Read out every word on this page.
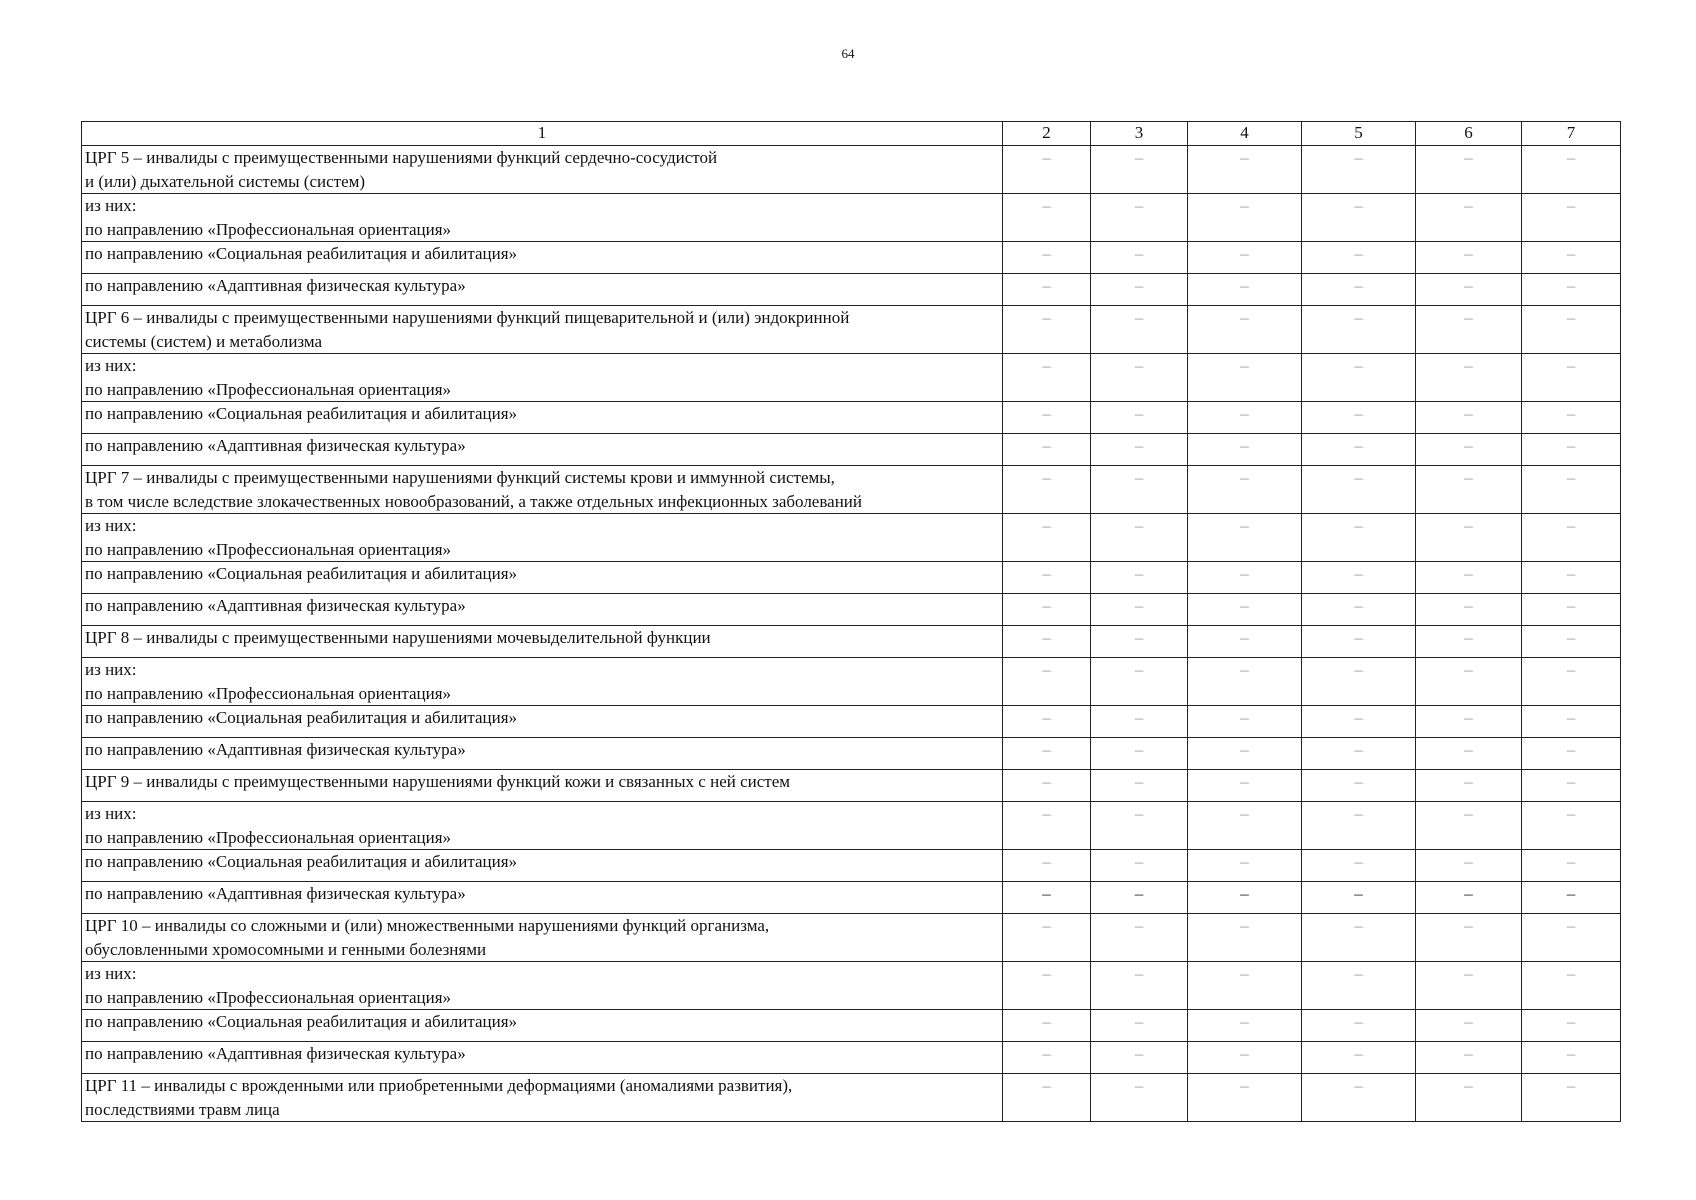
64
1	2	3	4	5	6	7
ЦРГ 5 – инвалиды с преимущественными нарушениями функций сердечно-сосудистой
и (или) дыхательной системы (систем)	–	–	–	–	–	–
из них:
по направлению «Профессиональная ориентация»	–	–	–	–	–	–
по направлению «Социальная реабилитация и абилитация»	–	–	–	–	–	–
по направлению «Адаптивная физическая культура»	–	–	–	–	–	–
ЦРГ 6 – инвалиды с преимущественными нарушениями функций пищеварительной и (или) эндокринной
системы (систем) и метаболизма	–	–	–	–	–	–
из них:
по направлению «Профессиональная ориентация»	–	–	–	–	–	–
по направлению «Социальная реабилитация и абилитация»	–	–	–	–	–	–
по направлению «Адаптивная физическая культура»	–	–	–	–	–	–
ЦРГ 7 – инвалиды с преимущественными нарушениями функций системы крови и иммунной системы,
в том числе вследствие злокачественных новообразований, а также отдельных инфекционных заболеваний	–	–	–	–	–	–
из них:
по направлению «Профессиональная ориентация»	–	–	–	–	–	–
по направлению «Социальная реабилитация и абилитация»	–	–	–	–	–	–
по направлению «Адаптивная физическая культура»	–	–	–	–	–	–
ЦРГ 8 – инвалиды с преимущественными нарушениями мочевыделительной функции	–	–	–	–	–	–
из них:
по направлению «Профессиональная ориентация»	–	–	–	–	–	–
по направлению «Социальная реабилитация и абилитация»	–	–	–	–	–	–
по направлению «Адаптивная физическая культура»	–	–	–	–	–	–
ЦРГ 9 – инвалиды с преимущественными нарушениями функций кожи и связанных с ней систем	–	–	–	–	–	–
из них:
по направлению «Профессиональная ориентация»	–	–	–	–	–	–
по направлению «Социальная реабилитация и абилитация»	–	–	–	–	–	–
по направлению «Адаптивная физическая культура»	–	–	–	–	–	–
ЦРГ 10 – инвалиды со сложными и (или) множественными нарушениями функций организма,
обусловленными хромосомными и генными болезнями	–	–	–	–	–	–
из них:
по направлению «Профессиональная ориентация»	–	–	–	–	–	–
по направлению «Социальная реабилитация и абилитация»	–	–	–	–	–	–
по направлению «Адаптивная физическая культура»	–	–	–	–	–	–
ЦРГ 11 – инвалиды с врожденными или приобретенными деформациями (аномалиями развития),
последствиями травм лица	–	–	–	–	–	–
